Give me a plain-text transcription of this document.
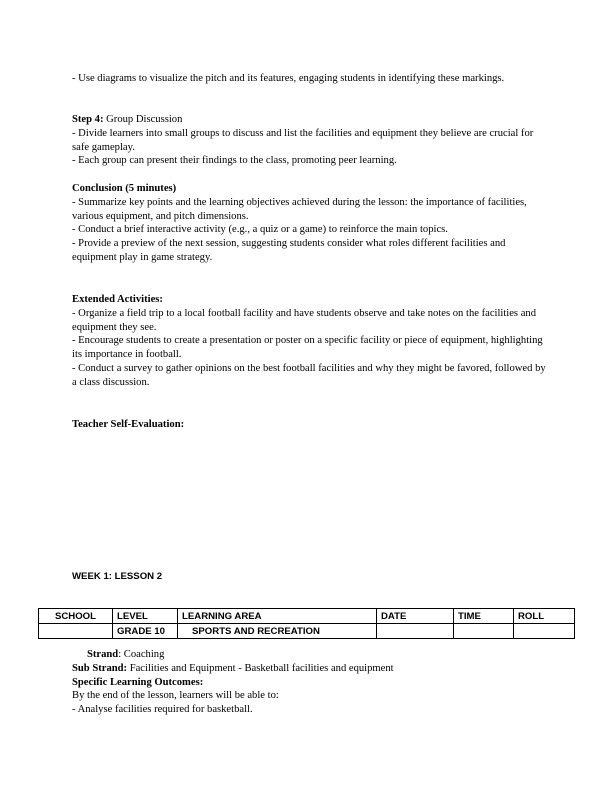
- Use diagrams to visualize the pitch and its features, engaging students in identifying these markings.

Step 4: Group Discussion

- Divide learners into small groups to discuss and list the facilities and equipment they believe are crucial for safe gameplay.

- Each group can present their findings to the class, promoting peer learning.

Conclusion (5 minutes)

- Summarize key points and the learning objectives achieved during the lesson: the importance of facilities, various equipment, and pitch dimensions.

- Conduct a brief interactive activity (e.g., a quiz or a game) to reinforce the main topics.

- Provide a preview of the next session, suggesting students consider what roles different facilities and equipment play in game strategy.

Extended Activities:

- Organize a field trip to a local football facility and have students observe and take notes on the facilities and equipment they see.

- Encourage students to create a presentation or poster on a specific facility or piece of equipment, highlighting its importance in football.

- Conduct a survey to gather opinions on the best football facilities and why they might be favored, followed by a class discussion.

Teacher Self-Evaluation:

WEEK 1: LESSON 2
SCHOOL	LEVEL	LEARNING AREA	DATE	TIME	ROLL
	GRADE 10	SPORTS AND RECREATION			

Strand: Coaching

Sub Strand: Facilities and Equipment - Basketball facilities and equipment

Specific Learning Outcomes:

By the end of the lesson, learners will be able to:

- Analyse facilities required for basketball.
